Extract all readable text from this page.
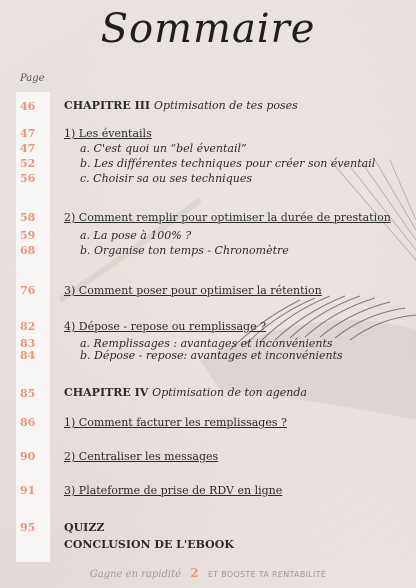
Sommaire
Page
46	CHAPITRE III Optimisation de tes poses
47	1) Les éventails
47	a. C'est quoi un “bel éventail”
52	b. Les différentes techniques pour créer son éventail
56	c. Choisir sa ou ses techniques
58	2) Comment remplir pour optimiser la durée de prestation
59	a. La pose à 100% ?
68	b. Organise ton temps - Chronomètre
76	3) Comment poser pour optimiser la rétention
82	4) Dépose - repose ou remplissage ?
83	a. Remplissages : avantages et inconvénients
84	b. Dépose - repose: avantages et inconvénients
85	CHAPITRE IV Optimisation de ton agenda
86	1) Comment facturer les remplissages ?
90	2) Centraliser les messages
91	3) Plateforme de prise de RDV en ligne
95	QUIZZ
CONCLUSION DE L'EBOOK
Gagne en rapidité 2 ET BOOSTE TA RENTABILITÉ
